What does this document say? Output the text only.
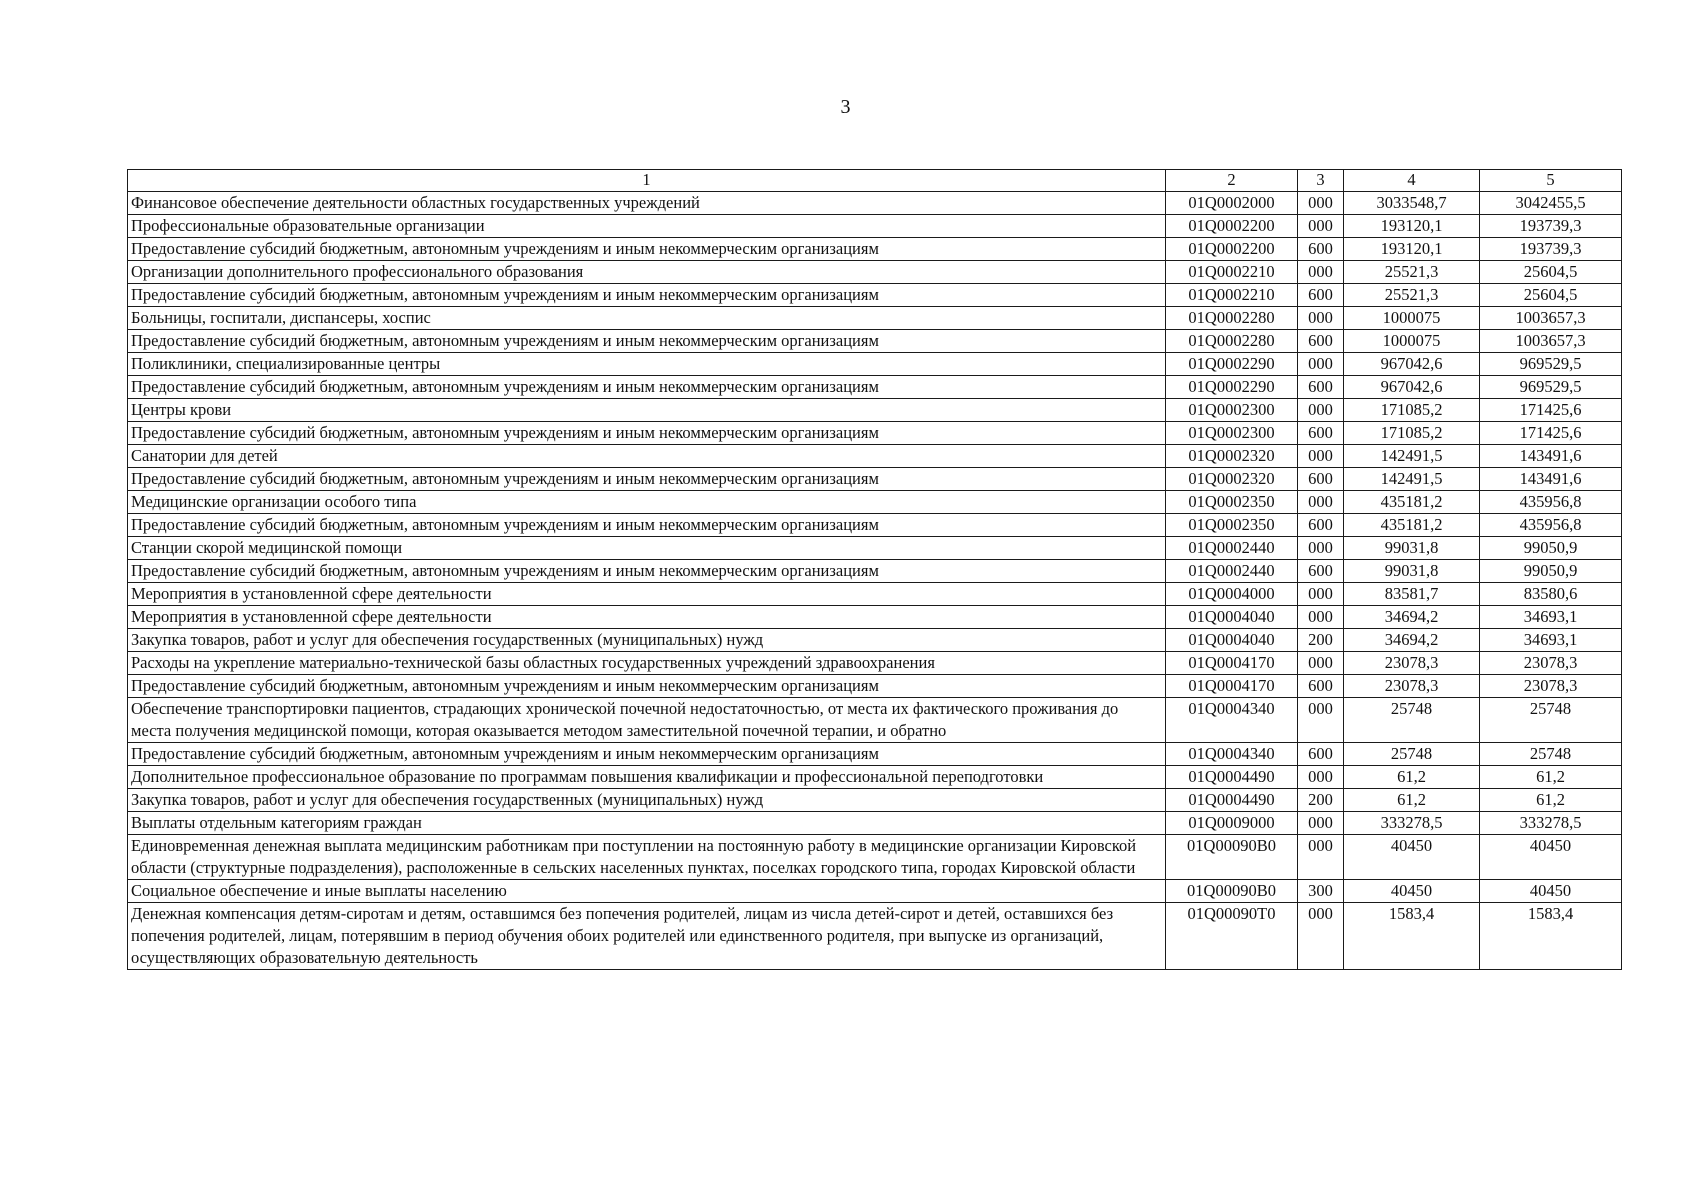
3
1	2	3	4	5
Финансовое обеспечение деятельности областных государственных учреждений	01Q0002000	000	3033548,7	3042455,5
Профессиональные образовательные организации	01Q0002200	000	193120,1	193739,3
Предоставление субсидий бюджетным, автономным учреждениям и иным некоммерческим организациям	01Q0002200	600	193120,1	193739,3
Организации дополнительного профессионального образования	01Q0002210	000	25521,3	25604,5
Предоставление субсидий бюджетным, автономным учреждениям и иным некоммерческим организациям	01Q0002210	600	25521,3	25604,5
Больницы, госпитали, диспансеры, хоспис	01Q0002280	000	1000075	1003657,3
Предоставление субсидий бюджетным, автономным учреждениям и иным некоммерческим организациям	01Q0002280	600	1000075	1003657,3
Поликлиники, специализированные центры	01Q0002290	000	967042,6	969529,5
Предоставление субсидий бюджетным, автономным учреждениям и иным некоммерческим организациям	01Q0002290	600	967042,6	969529,5
Центры крови	01Q0002300	000	171085,2	171425,6
Предоставление субсидий бюджетным, автономным учреждениям и иным некоммерческим организациям	01Q0002300	600	171085,2	171425,6
Санатории для детей	01Q0002320	000	142491,5	143491,6
Предоставление субсидий бюджетным, автономным учреждениям и иным некоммерческим организациям	01Q0002320	600	142491,5	143491,6
Медицинские организации особого типа	01Q0002350	000	435181,2	435956,8
Предоставление субсидий бюджетным, автономным учреждениям и иным некоммерческим организациям	01Q0002350	600	435181,2	435956,8
Станции скорой медицинской помощи	01Q0002440	000	99031,8	99050,9
Предоставление субсидий бюджетным, автономным учреждениям и иным некоммерческим организациям	01Q0002440	600	99031,8	99050,9
Мероприятия в установленной сфере деятельности	01Q0004000	000	83581,7	83580,6
Мероприятия в установленной сфере деятельности	01Q0004040	000	34694,2	34693,1
Закупка товаров, работ и услуг для обеспечения государственных (муниципальных) нужд	01Q0004040	200	34694,2	34693,1
Расходы на укрепление материально-технической базы областных государственных учреждений здравоохранения	01Q0004170	000	23078,3	23078,3
Предоставление субсидий бюджетным, автономным учреждениям и иным некоммерческим организациям	01Q0004170	600	23078,3	23078,3
Обеспечение транспортировки пациентов, страдающих хронической почечной недостаточностью, от места их фактического проживания до места получения медицинской помощи, которая оказывается методом заместительной почечной терапии, и обратно	01Q0004340	000	25748	25748
Предоставление субсидий бюджетным, автономным учреждениям и иным некоммерческим организациям	01Q0004340	600	25748	25748
Дополнительное профессиональное образование по программам повышения квалификации и профессиональной переподготовки	01Q0004490	000	61,2	61,2
Закупка товаров, работ и услуг для обеспечения государственных (муниципальных) нужд	01Q0004490	200	61,2	61,2
Выплаты отдельным категориям граждан	01Q0009000	000	333278,5	333278,5
Единовременная денежная выплата медицинским работникам при поступлении на постоянную работу в медицинские организации Кировской области (структурные подразделения), расположенные в сельских населенных пунктах, поселках городского типа, городах Кировской области	01Q00090B0	000	40450	40450
Социальное обеспечение и иные выплаты населению	01Q00090B0	300	40450	40450
Денежная компенсация детям-сиротам и детям, оставшимся без попечения родителей, лицам из числа детей-сирот и детей, оставшихся без попечения родителей, лицам, потерявшим в период обучения обоих родителей или единственного родителя, при выпуске из организаций, осуществляющих образовательную деятельность	01Q00090T0	000	1583,4	1583,4
